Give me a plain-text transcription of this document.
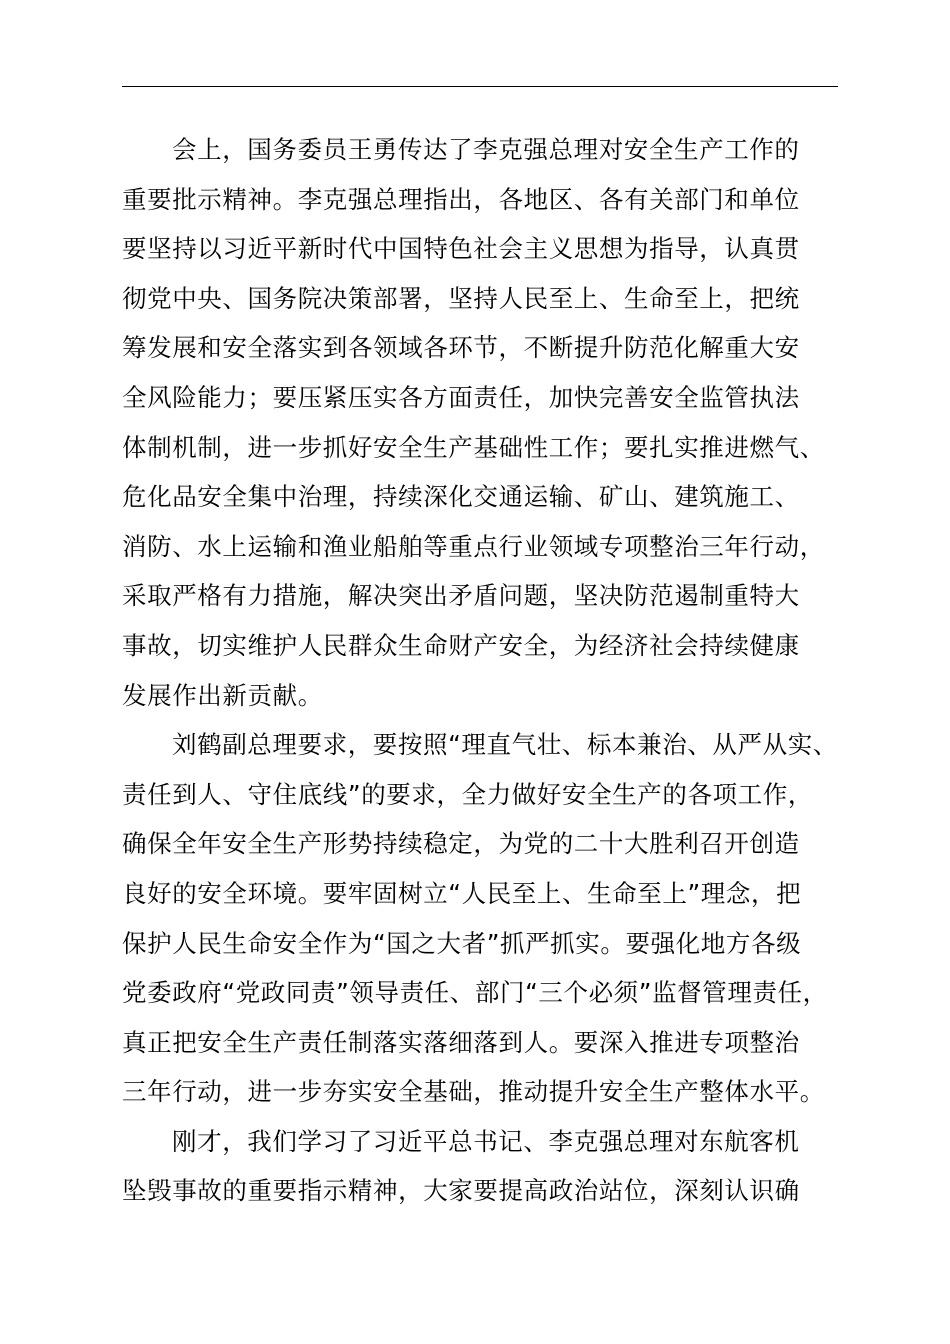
会上，国务委员王勇传达了李克强总理对安全生产工作的
重要批示精神。李克强总理指出，各地区、各有关部门和单位
要坚持以习近平新时代中国特色社会主义思想为指导，认真贯
彻党中央、国务院决策部署，坚持人民至上、生命至上，把统
筹发展和安全落实到各领域各环节，不断提升防范化解重大安
全风险能力；要压紧压实各方面责任，加快完善安全监管执法
体制机制，进一步抓好安全生产基础性工作；要扎实推进燃气、
危化品安全集中治理，持续深化交通运输、矿山、建筑施工、
消防、水上运输和渔业船舶等重点行业领域专项整治三年行动，
采取严格有力措施，解决突出矛盾问题，坚决防范遏制重特大
事故，切实维护人民群众生命财产安全，为经济社会持续健康
发展作出新贡献。
刘鹤副总理要求，要按照“理直气壮、标本兼治、从严从实、
责任到人、守住底线”的要求，全力做好安全生产的各项工作，
确保全年安全生产形势持续稳定，为党的二十大胜利召开创造
良好的安全环境。要牢固树立“人民至上、生命至上”理念，把
保护人民生命安全作为“国之大者”抓严抓实。要强化地方各级
党委政府“党政同责”领导责任、部门“三个必须”监督管理责任，
真正把安全生产责任制落实落细落到人。要深入推进专项整治
三年行动，进一步夯实安全基础，推动提升安全生产整体水平。
刚才，我们学习了习近平总书记、李克强总理对东航客机
坠毁事故的重要指示精神，大家要提高政治站位，深刻认识确
